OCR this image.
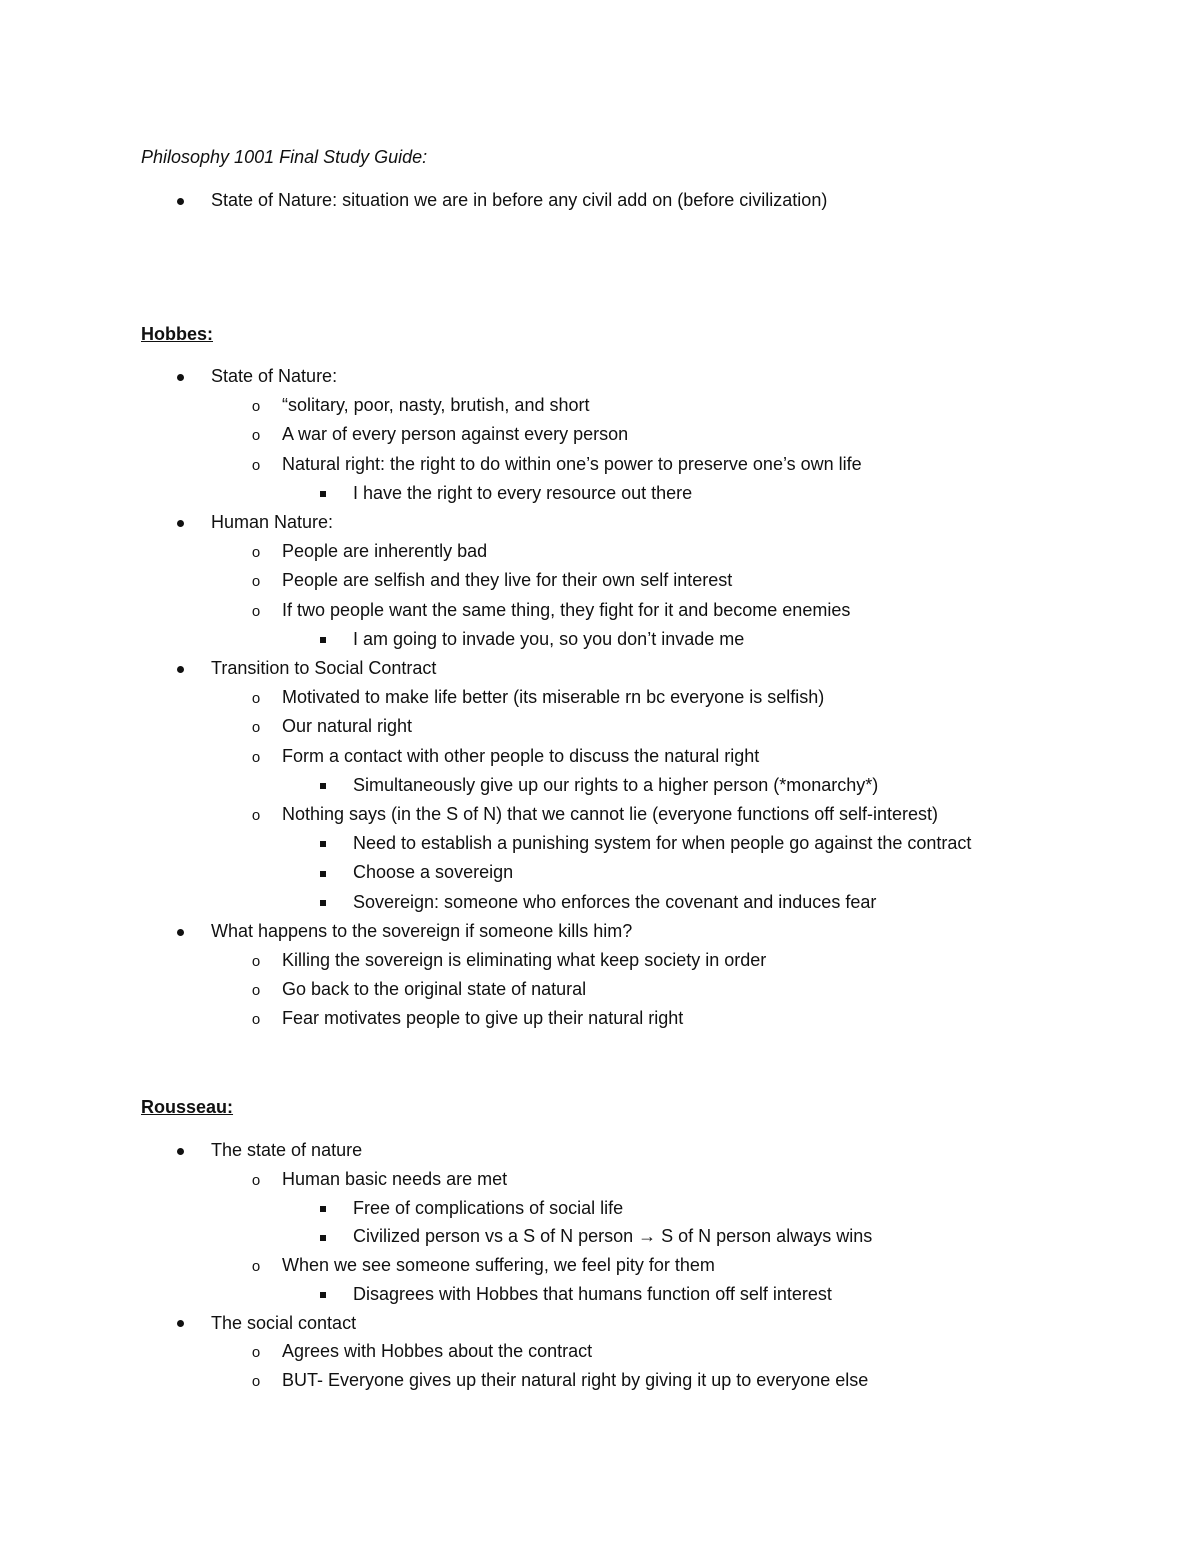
Philosophy 1001 Final Study Guide:
State of Nature: situation we are in before any civil add on (before civilization)
Hobbes:
State of Nature:
o	“solitary, poor, nasty, brutish, and short
o	A war of every person against every person
o	Natural right: the right to do within one’s power to preserve one’s own life
I have the right to every resource out there
Human Nature:
o	People are inherently bad
o	People are selfish and they live for their own self interest
o	If two people want the same thing, they fight for it and become enemies
I am going to invade you, so you don’t invade me
Transition to Social Contract
o	Motivated to make life better (its miserable rn bc everyone is selfish)
o	Our natural right
o	Form a contact with other people to discuss the natural right
Simultaneously give up our rights to a higher person (*monarchy*)
o	Nothing says (in the S of N) that we cannot lie (everyone functions off self-interest)
Need to establish a punishing system for when people go against the contract
Choose a sovereign
Sovereign: someone who enforces the covenant and induces fear
What happens to the sovereign if someone kills him?
o	Killing the sovereign is eliminating what keep society in order
o	Go back to the original state of natural
o	Fear motivates people to give up their natural right
Rousseau:
The state of nature
o	Human basic needs are met
Free of complications of social life
Civilized person vs a S of N person → S of N person always wins
o	When we see someone suffering, we feel pity for them
Disagrees with Hobbes that humans function off self interest
The social contact
o	Agrees with Hobbes about the contract
o	BUT- Everyone gives up their natural right by giving it up to everyone else
